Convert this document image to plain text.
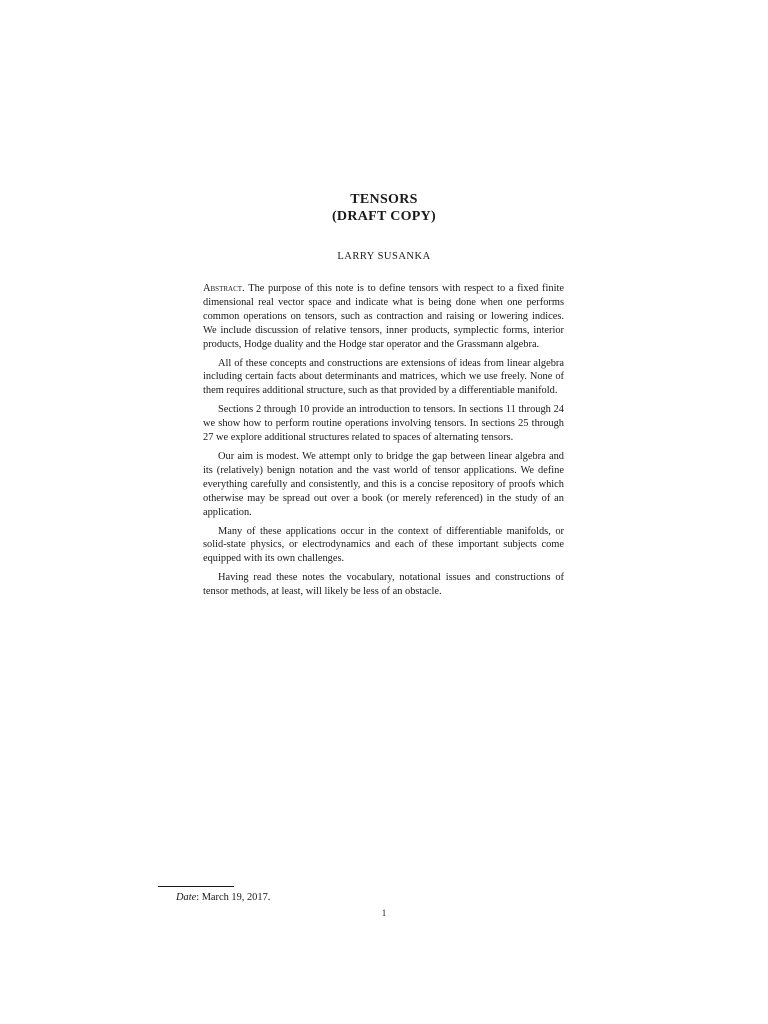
TENSORS
(DRAFT COPY)
LARRY SUSANKA

Abstract. The purpose of this note is to define tensors with respect to a fixed finite dimensional real vector space and indicate what is being done when one performs common operations on tensors, such as contraction and raising or lowering indices. We include discussion of relative tensors, inner products, symplectic forms, interior products, Hodge duality and the Hodge star operator and the Grassmann algebra.

All of these concepts and constructions are extensions of ideas from linear algebra including certain facts about determinants and matrices, which we use freely. None of them requires additional structure, such as that provided by a differentiable manifold.

Sections 2 through 10 provide an introduction to tensors. In sections 11 through 24 we show how to perform routine operations involving tensors. In sections 25 through 27 we explore additional structures related to spaces of alternating tensors.

Our aim is modest. We attempt only to bridge the gap between linear algebra and its (relatively) benign notation and the vast world of tensor applications. We define everything carefully and consistently, and this is a concise repository of proofs which otherwise may be spread out over a book (or merely referenced) in the study of an application.

Many of these applications occur in the context of differentiable manifolds, or solid-state physics, or electrodynamics and each of these important subjects come equipped with its own challenges.

Having read these notes the vocabulary, notational issues and constructions of tensor methods, at least, will likely be less of an obstacle.

Date: March 19, 2017.
1
